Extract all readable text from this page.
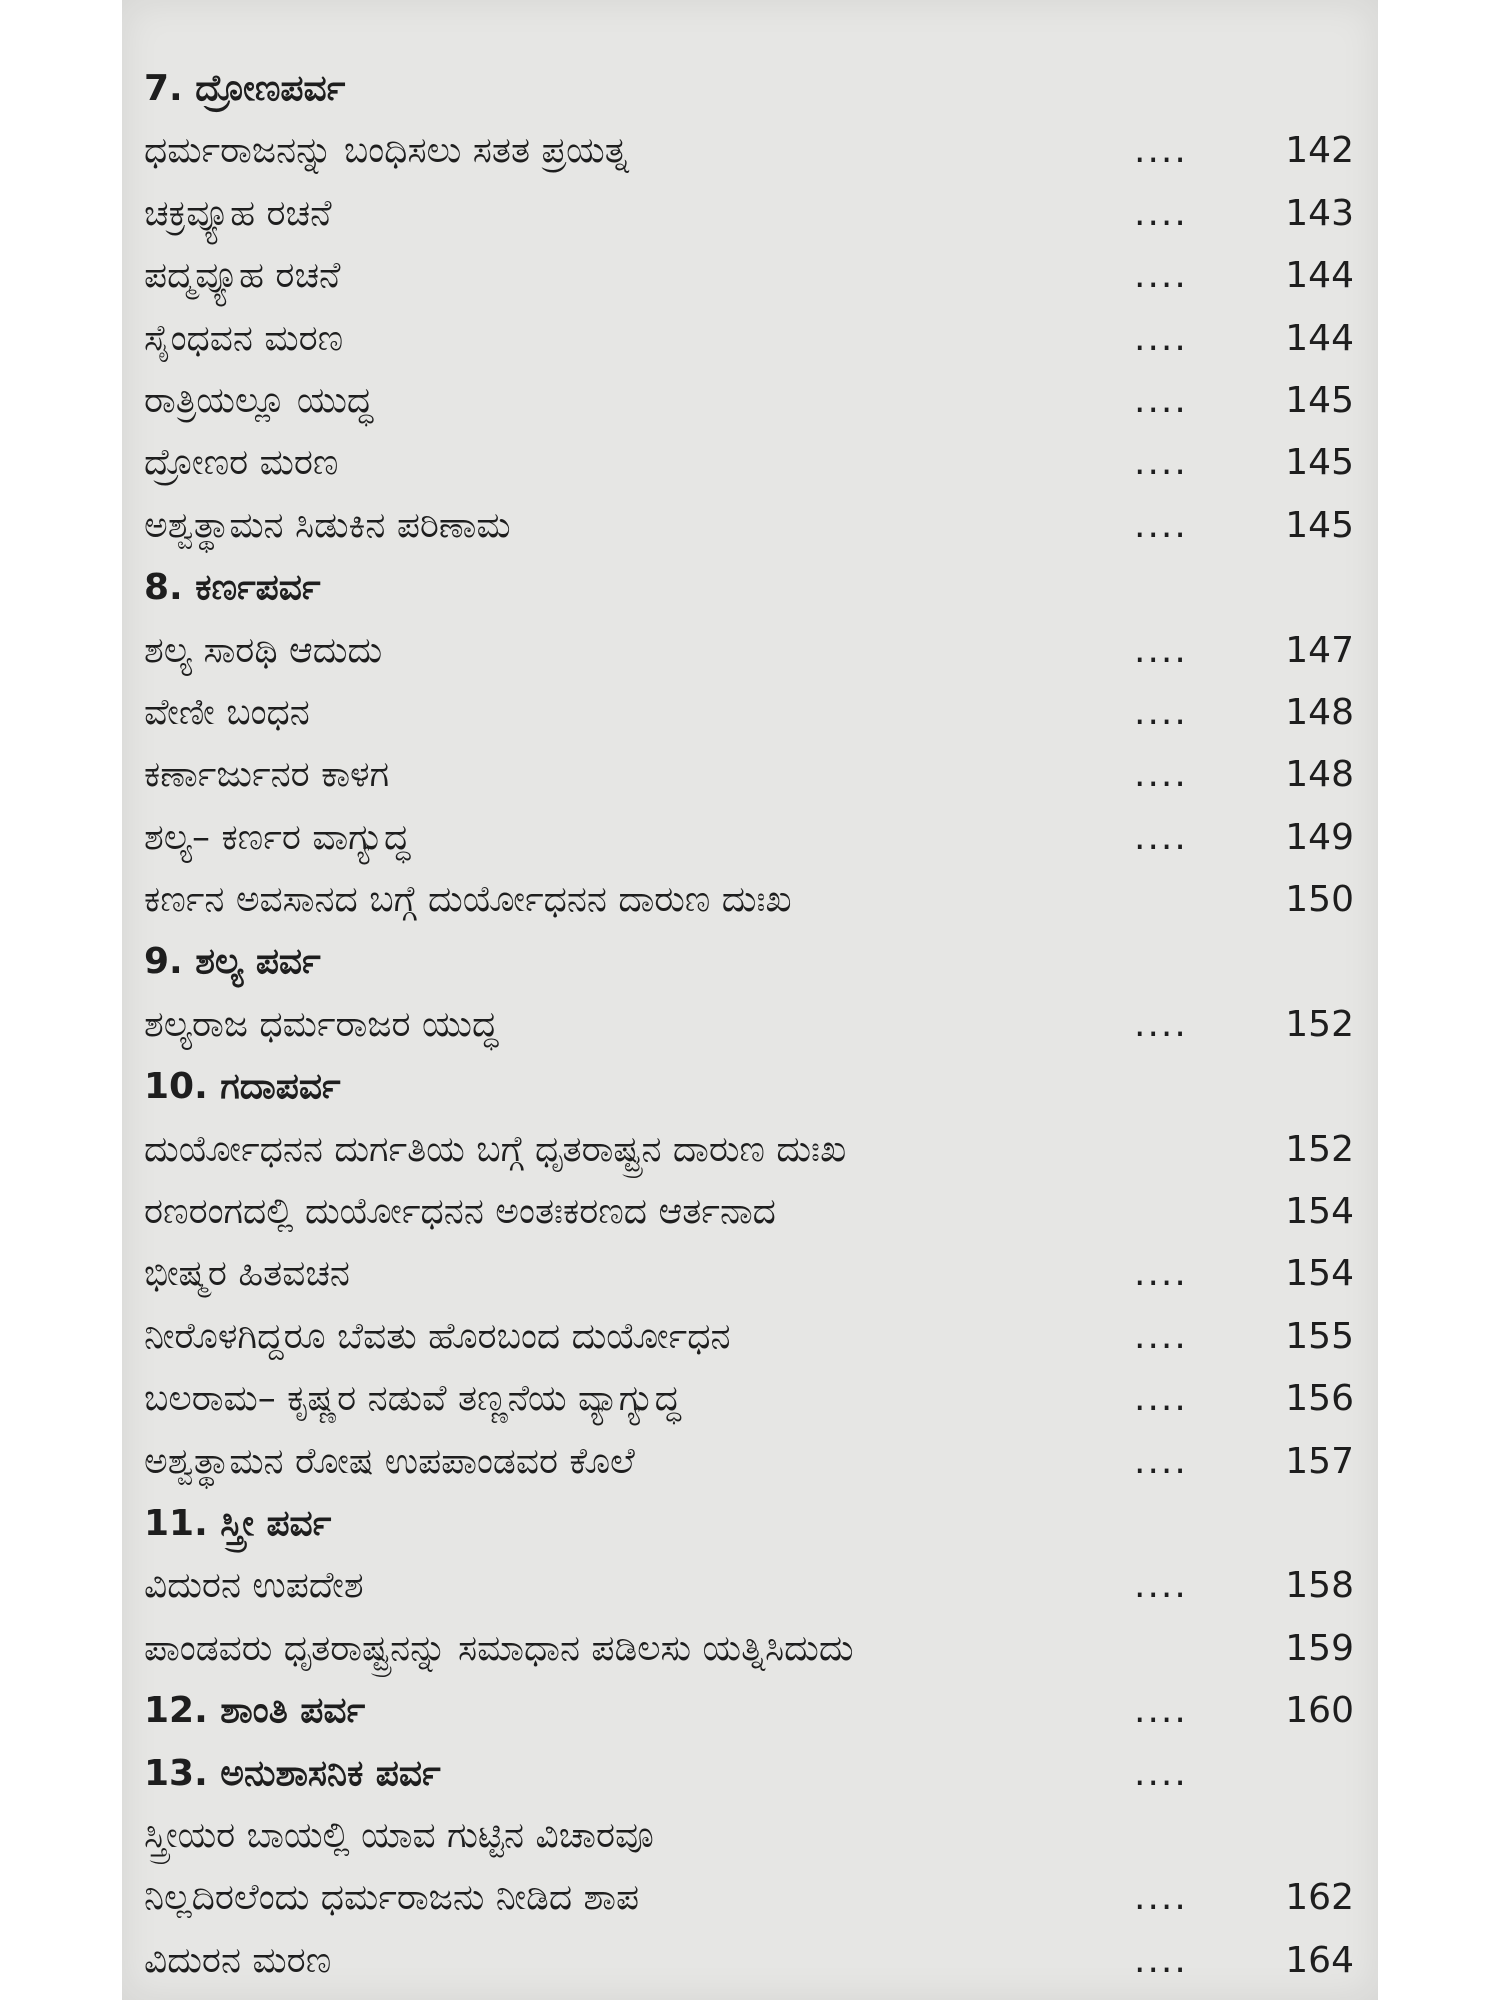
7. ದ್ರೋಣಪರ್ವ
ಧರ್ಮರಾಜನನ್ನು ಬಂಧಿಸಲು ಸತತ ಪ್ರಯತ್ನ	....	142
ಚಕ್ರವ್ಯೂಹ ರಚನೆ	....	143
ಪದ್ಮವ್ಯೂಹ ರಚನೆ	....	144
ಸೈಂಧವನ ಮರಣ	....	144
ರಾತ್ರಿಯಲ್ಲೂ ಯುದ್ಧ	....	145
ದ್ರೋಣರ ಮರಣ	....	145
ಅಶ್ವತ್ಥಾಮನ ಸಿಡುಕಿನ ಪರಿಣಾಮ	....	145
8. ಕರ್ಣಪರ್ವ
ಶಲ್ಯ ಸಾರಥಿ ಆದುದು	....	147
ವೇಣೀ ಬಂಧನ	....	148
ಕರ್ಣಾರ್ಜುನರ ಕಾಳಗ	....	148
ಶಲ್ಯ– ಕರ್ಣರ ವಾಗ್ಯುದ್ಧ	....	149
ಕರ್ಣನ ಅವಸಾನದ ಬಗ್ಗೆ ದುರ್ಯೋಧನನ ದಾರುಣ ದುಃಖ	150
9. ಶಲ್ಯ ಪರ್ವ
ಶಲ್ಯರಾಜ ಧರ್ಮರಾಜರ ಯುದ್ಧ	....	152
10. ಗದಾಪರ್ವ
ದುರ್ಯೋಧನನ ದುರ್ಗತಿಯ ಬಗ್ಗೆ ಧೃತರಾಷ್ಟ್ರನ ದಾರುಣ ದುಃಖ	152
ರಣರಂಗದಲ್ಲಿ ದುರ್ಯೋಧನನ ಅಂತಃಕರಣದ ಆರ್ತನಾದ	154
ಭೀಷ್ಮರ ಹಿತವಚನ	....	154
ನೀರೊಳಗಿದ್ದರೂ ಬೆವತು ಹೊರಬಂದ ದುರ್ಯೋಧನ	....	155
ಬಲರಾಮ– ಕೃಷ್ಣರ ನಡುವೆ ತಣ್ಣನೆಯ ವ್ಯಾಗ್ಯುದ್ಧ	....	156
ಅಶ್ವತ್ಥಾಮನ ರೋಷ ಉಪಪಾಂಡವರ ಕೊಲೆ	....	157
11. ಸ್ತ್ರೀ ಪರ್ವ
ವಿದುರನ ಉಪದೇಶ	....	158
ಪಾಂಡವರು ಧೃತರಾಷ್ಟ್ರನನ್ನು ಸಮಾಧಾನ ಪಡಿಲಸು ಯತ್ನಿಸಿದುದು	159
12. ಶಾಂತಿ ಪರ್ವ	....	160
13. ಅನುಶಾಸನಿಕ ಪರ್ವ	....
ಸ್ತ್ರೀಯರ ಬಾಯಲ್ಲಿ ಯಾವ ಗುಟ್ಟಿನ ವಿಚಾರವೂ
ನಿಲ್ಲದಿರಲೆಂದು ಧರ್ಮರಾಜನು ನೀಡಿದ ಶಾಪ	....	162
ವಿದುರನ ಮರಣ	....	164
